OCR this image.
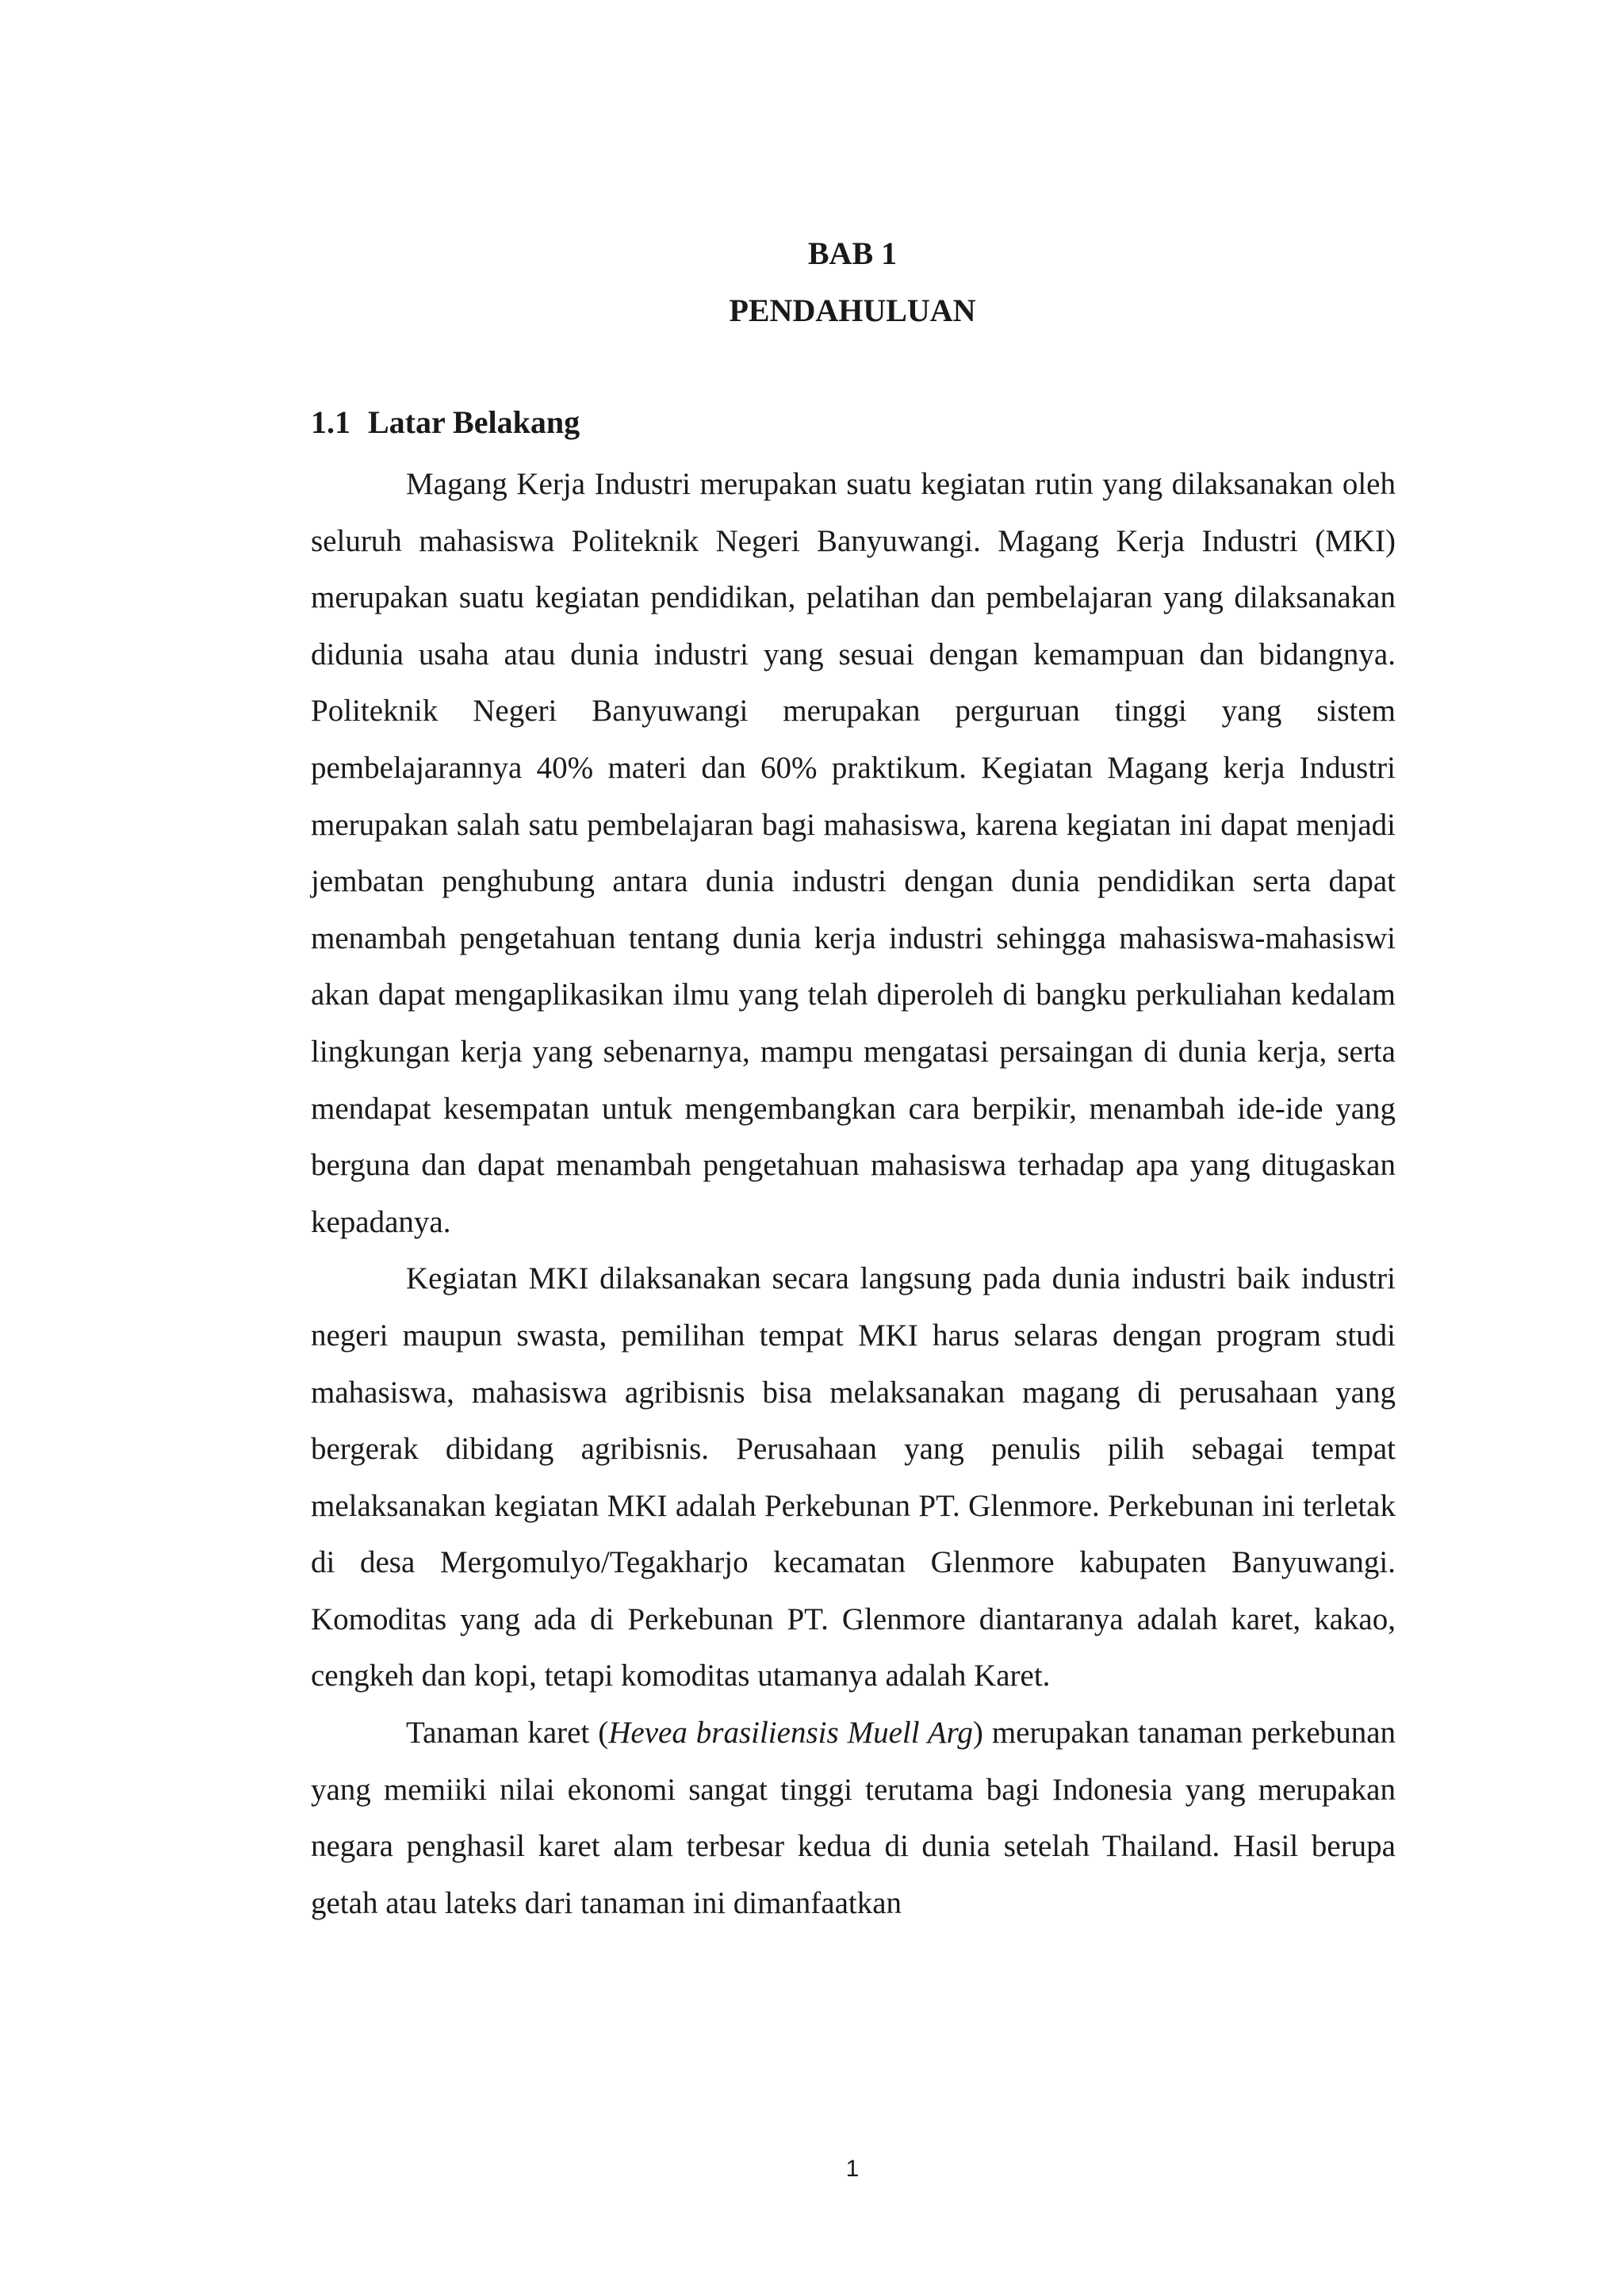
BAB 1
PENDAHULUAN
1.1 Latar Belakang

Magang Kerja Industri merupakan suatu kegiatan rutin yang dilaksanakan oleh seluruh mahasiswa Politeknik Negeri Banyuwangi. Magang Kerja Industri (MKI) merupakan suatu kegiatan pendidikan, pelatihan dan pembelajaran yang dilaksanakan didunia usaha atau dunia industri yang sesuai dengan kemampuan dan bidangnya. Politeknik Negeri Banyuwangi merupakan perguruan tinggi yang sistem pembelajarannya 40% materi dan 60% praktikum. Kegiatan Magang kerja Industri merupakan salah satu pembelajaran bagi mahasiswa, karena kegiatan ini dapat menjadi jembatan penghubung antara dunia industri dengan dunia pendidikan serta dapat menambah pengetahuan tentang dunia kerja industri sehingga mahasiswa-mahasiswi akan dapat mengaplikasikan ilmu yang telah diperoleh di bangku perkuliahan kedalam lingkungan kerja yang sebenarnya, mampu mengatasi persaingan di dunia kerja, serta mendapat kesempatan untuk mengembangkan cara berpikir, menambah ide-ide yang berguna dan dapat menambah pengetahuan mahasiswa terhadap apa yang ditugaskan kepadanya.

Kegiatan MKI dilaksanakan secara langsung pada dunia industri baik industri negeri maupun swasta, pemilihan tempat MKI harus selaras dengan program studi mahasiswa, mahasiswa agribisnis bisa melaksanakan magang di perusahaan yang bergerak dibidang agribisnis. Perusahaan yang penulis pilih sebagai tempat melaksanakan kegiatan MKI adalah Perkebunan PT. Glenmore. Perkebunan ini terletak di desa Mergomulyo/Tegakharjo kecamatan Glenmore kabupaten Banyuwangi. Komoditas yang ada di Perkebunan PT. Glenmore diantaranya adalah karet, kakao, cengkeh dan kopi, tetapi komoditas utamanya adalah Karet.

Tanaman karet (Hevea brasiliensis Muell Arg) merupakan tanaman perkebunan yang memiiki nilai ekonomi sangat tinggi terutama bagi Indonesia yang merupakan negara penghasil karet alam terbesar kedua di dunia setelah Thailand. Hasil berupa getah atau lateks dari tanaman ini dimanfaatkan

1
